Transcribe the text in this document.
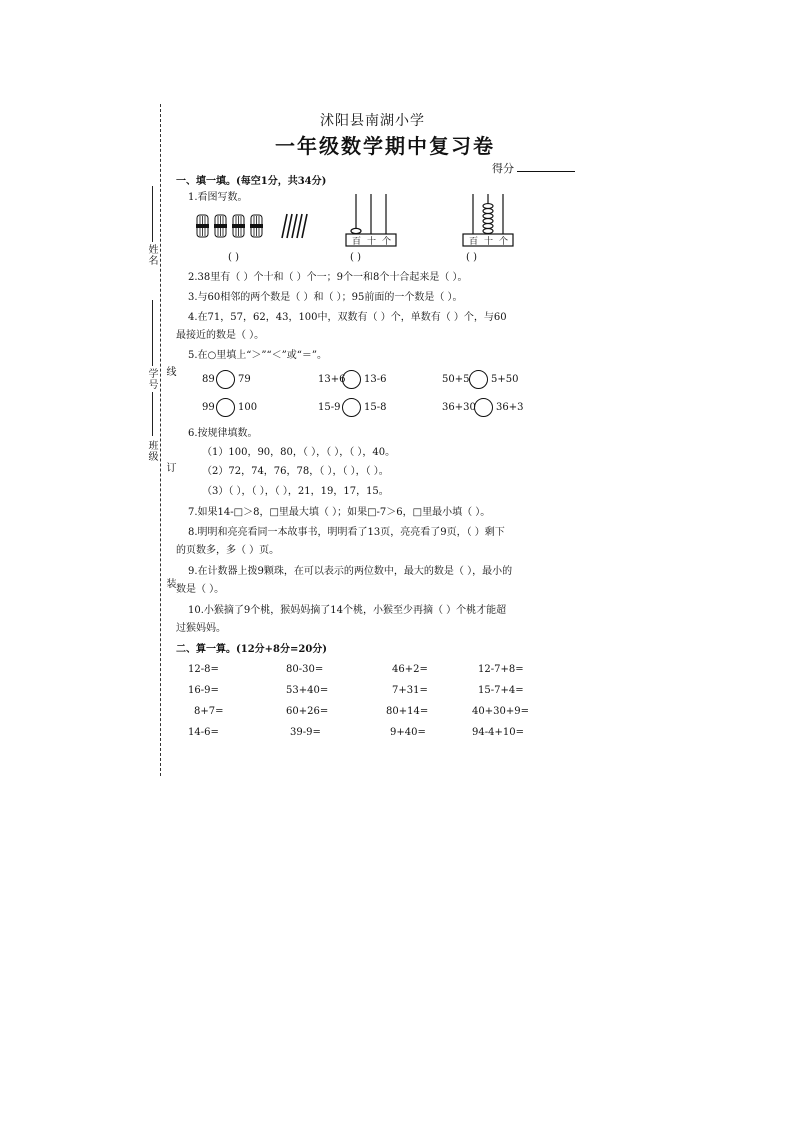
姓名
学号 线
班级
订
装
沭阳县南湖小学
一年级数学期中复习卷
得分
一、填一填。(每空1分，共34分)
1.看图写数。
百 十 个	百 十 个
( )	( )	( )
2.38里有（ ）个十和（ ）个一；9个一和8个十合起来是（ ）。
3.与60相邻的两个数是（ ）和（ ）；95前面的一个数是（ ）。
4.在71，57，62，43，100中，双数有（ ）个，单数有（ ）个，与60
最接近的数是（ ）。
5.在○里填上“＞”“＜”或“＝”。
89 79	13+6 13-6	50+5 5+50
99 100	15-9 15-8	36+30 36+3
6.按规律填数。
（1）100，90，80，（ ），（ ），（ ），40。
（2）72，74，76，78，（ ），（ ），（ ）。
（3）（ ），（ ），（ ），21，19，17，15。
7.如果14-□＞8，□里最大填（ ）；如果□-7＞6，□里最小填（ ）。
8.明明和亮亮看同一本故事书，明明看了13页，亮亮看了9页，（ ）剩下
的页数多，多（ ）页。
9.在计数器上拨9颗珠，在可以表示的两位数中，最大的数是（ ），最小的
数是（ ）。
10.小猴摘了9个桃，猴妈妈摘了14个桃，小猴至少再摘（ ）个桃才能超
过猴妈妈。
二、算一算。(12分+8分=20分)
12-8=	80-30=	46+2=	12-7+8=
16-9=	53+40=	7+31=	15-7+4=
8+7=	60+26=	80+14=	40+30+9=
14-6=	39-9=	9+40=	94-4+10=
